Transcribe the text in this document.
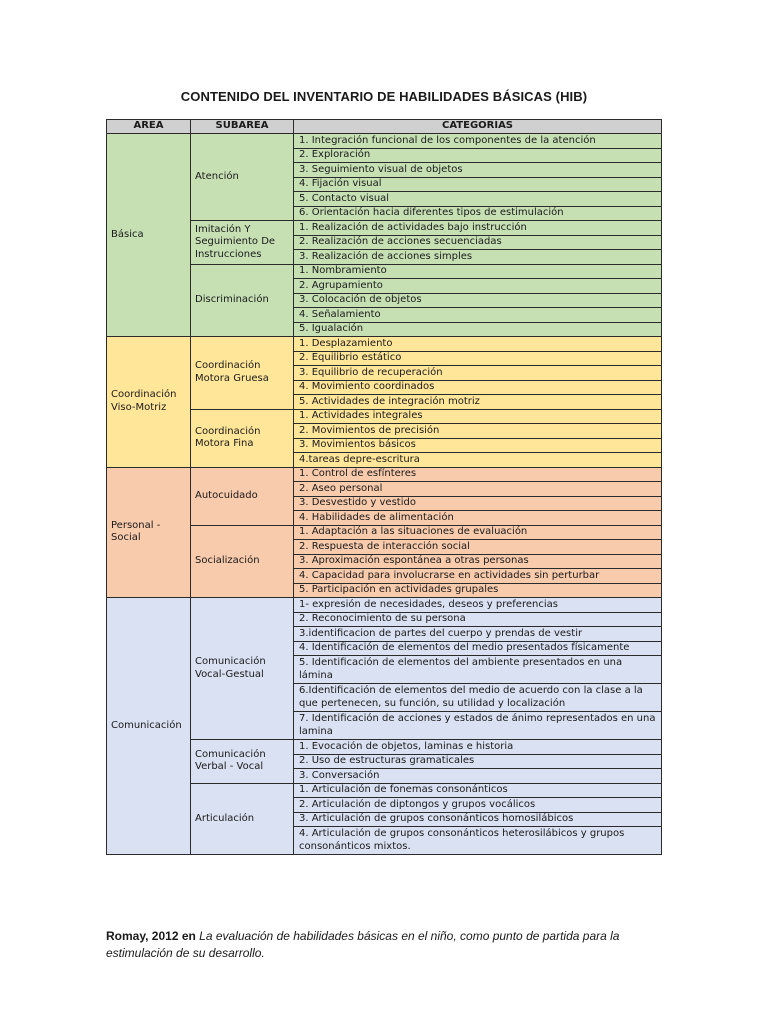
CONTENIDO DEL INVENTARIO DE HABILIDADES BÁSICAS (HIB)
AREA	SUBAREA	CATEGORIAS
Básica	Atención	1. Integración funcional de los componentes de la atención
		2. Exploración
		3. Seguimiento visual de objetos
		4. Fijación visual
		5. Contacto visual
		6. Orientación hacia diferentes tipos de estimulación
	Imitación Y Seguimiento De Instrucciones	1. Realización de actividades bajo instrucción
		2. Realización de acciones secuenciadas
		3. Realización de acciones simples
	Discriminación	1. Nombramiento
		2. Agrupamiento
		3. Colocación de objetos
		4. Señalamiento
		5. Igualación
Coordinación Viso-Motriz	Coordinación Motora Gruesa	1. Desplazamiento
		2. Equilibrio estático
		3. Equilibrio de recuperación
		4. Movimiento coordinados
		5. Actividades de integración motriz
	Coordinación Motora Fina	1. Actividades integrales
		2. Movimientos de precisión
		3. Movimientos básicos
		4.tareas depre-escritura
Personal - Social	Autocuidado	1. Control de esfínteres
		2. Aseo personal
		3. Desvestido y vestido
		4. Habilidades de alimentación
	Socialización	1. Adaptación a las situaciones de evaluación
		2. Respuesta de interacción social
		3. Aproximación espontánea a otras personas
		4. Capacidad para involucrarse en actividades sin perturbar
		5. Participación en actividades grupales
Comunicación	Comunicación Vocal-Gestual	1- expresión de necesidades, deseos y preferencias
		2. Reconocimiento de su persona
		3.identificacion de partes del cuerpo y prendas de vestir
		4. Identificación de elementos del medio presentados físicamente
		5. Identificación de elementos del ambiente presentados en una lámina
		6.Identificación de elementos del medio de acuerdo con la clase a la que pertenecen, su función, su utilidad y localización
		7. Identificación de acciones y estados de ánimo representados en una lamina
	Comunicación Verbal - Vocal	1. Evocación de objetos, laminas e historia
		2. Uso de estructuras gramaticales
		3. Conversación
	Articulación	1. Articulación de fonemas consonánticos
		2. Articulación de diptongos y grupos vocálicos
		3. Articulación de grupos consonánticos homosilábicos
		4. Articulación de grupos consonánticos heterosilábicos y grupos consonánticos mixtos.
Romay, 2012 en La evaluación de habilidades básicas en el niño, como punto de partida para la estimulación de su desarrollo.
